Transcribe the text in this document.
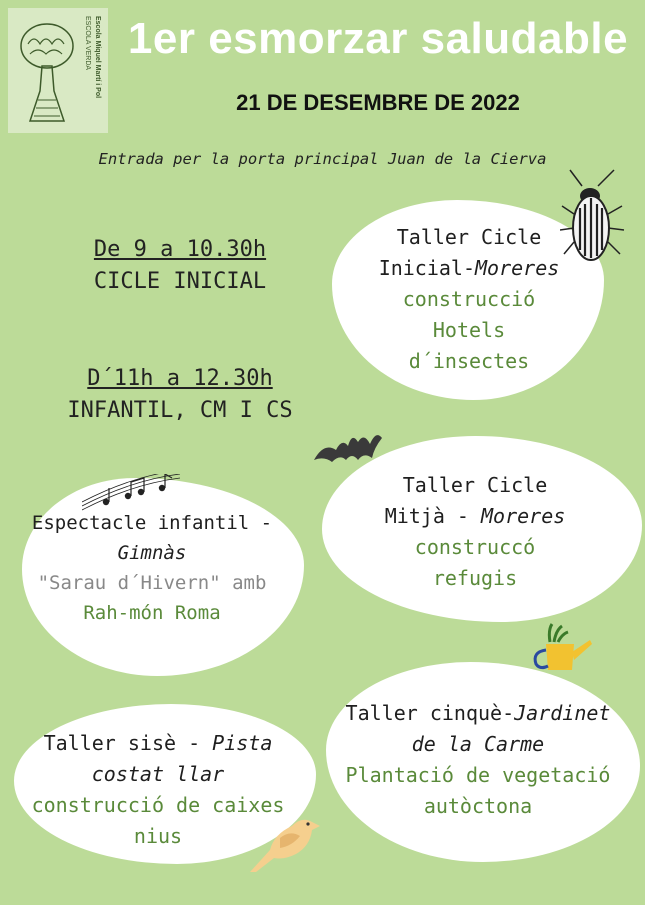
Escola Miquel Martí i Pol
ESCOLA VERDA 1er esmorzar saludable
21 DE DESEMBRE DE 2022
Entrada per la porta principal Juan de la Cierva
De 9 a 10.30h
CICLE INICIAL
D´11h a 12.30h
INFANTIL, CM I CS
Taller Cicle
Inicial-Moreres
construcció
Hotels
d´insectes
Taller Cicle
Mitjà - Moreres
construccó
refugis
Espectacle infantil -
Gimnàs
"Sarau d´Hivern" amb
Rah-món Roma
Taller cinquè-Jardinet
de la Carme
Plantació de vegetació
autòctona
Taller sisè - Pista
costat llar
construcció de caixes
nius
